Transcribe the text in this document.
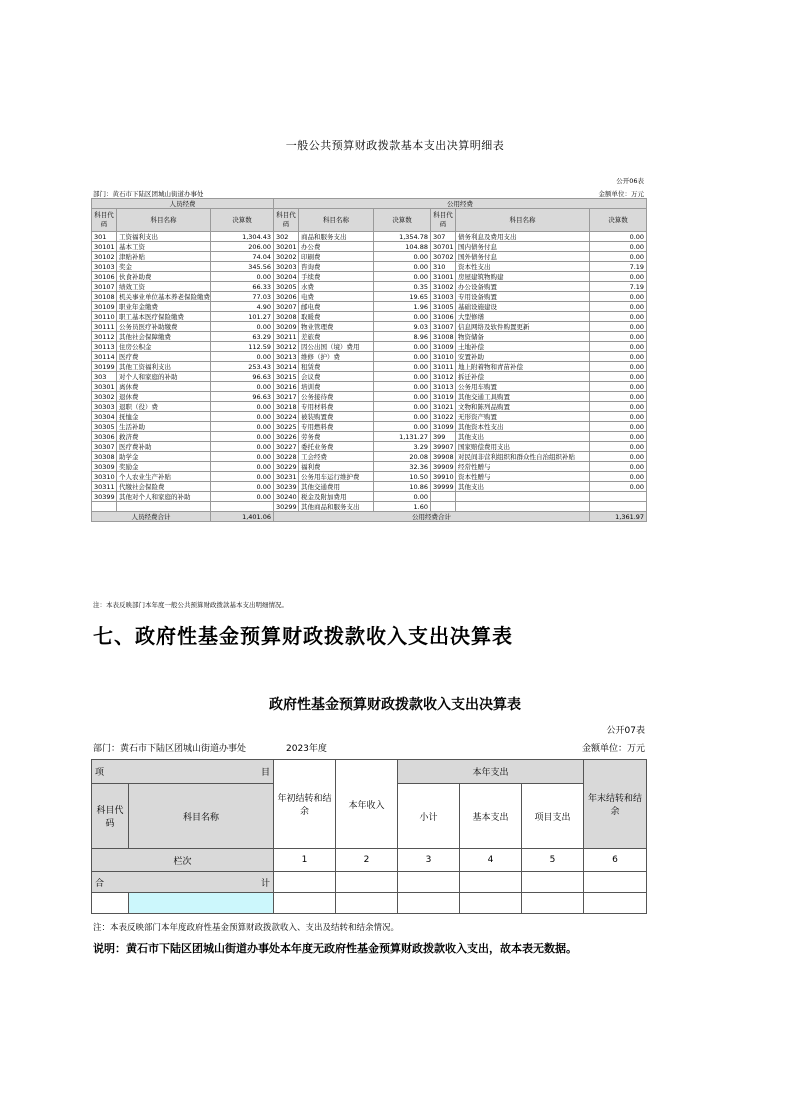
一般公共预算财政拨款基本支出决算明细表
公开06表
部门：黄石市下陆区团城山街道办事处	金额单位：万元
人员经费			公用经费					
科目代码	科目名称	决算数	科目代码	科目名称	决算数	科目代码	科目名称	决算数
301	工资福利支出	1,304.43	302	商品和服务支出	1,354.78	307	债务利息及费用支出	0.00
30101	基本工资	206.00	30201	办公费	104.88	30701	国内债务付息	0.00
30102	津贴补贴	74.04	30202	印刷费	0.00	30702	国外债务付息	0.00
30103	奖金	345.56	30203	咨询费	0.00	310	资本性支出	7.19
30106	伙食补助费	0.00	30204	手续费	0.00	31001	房屋建筑物购建	0.00
30107	绩效工资	66.33	30205	水费	0.35	31002	办公设备购置	7.19
30108	机关事业单位基本养老保险缴费	77.03	30206	电费	19.65	31003	专用设备购置	0.00
30109	职业年金缴费	4.90	30207	邮电费	1.96	31005	基础设施建设	0.00
30110	职工基本医疗保险缴费	101.27	30208	取暖费	0.00	31006	大型修缮	0.00
30111	公务员医疗补助缴费	0.00	30209	物业管理费	9.03	31007	信息网络及软件购置更新	0.00
30112	其他社会保障缴费	63.29	30211	差旅费	8.96	31008	物资储备	0.00
30113	住房公积金	112.59	30212	因公出国（境）费用	0.00	31009	土地补偿	0.00
30114	医疗费	0.00	30213	维修（护）费	0.00	31010	安置补助	0.00
30199	其他工资福利支出	253.43	30214	租赁费	0.00	31011	地上附着物和青苗补偿	0.00
303	对个人和家庭的补助	96.63	30215	会议费	0.00	31012	拆迁补偿	0.00
30301	离休费	0.00	30216	培训费	0.00	31013	公务用车购置	0.00
30302	退休费	96.63	30217	公务接待费	0.00	31019	其他交通工具购置	0.00
30303	退职（役）费	0.00	30218	专用材料费	0.00	31021	文物和陈列品购置	0.00
30304	抚恤金	0.00	30224	被装购置费	0.00	31022	无形资产购置	0.00
30305	生活补助	0.00	30225	专用燃料费	0.00	31099	其他资本性支出	0.00
30306	救济费	0.00	30226	劳务费	1,131.27	399	其他支出	0.00
30307	医疗费补助	0.00	30227	委托业务费	3.29	39907	国家赔偿费用支出	0.00
30308	助学金	0.00	30228	工会经费	20.08	39908	对民间非营利组织和群众性自治组织补贴	0.00
30309	奖励金	0.00	30229	福利费	32.36	39909	经常性赠与	0.00
30310	个人农业生产补贴	0.00	30231	公务用车运行维护费	10.50	39910	资本性赠与	0.00
30311	代缴社会保险费	0.00	30239	其他交通费用	10.86	39999	其他支出	0.00
30399	其他对个人和家庭的补助	0.00	30240	税金及附加费用	0.00			
			30299	其他商品和服务支出	1.60			
人员经费合计		1,401.06	公用经费合计					1,361.97
注：本表反映部门本年度一般公共预算财政拨款基本支出明细情况。
七、政府性基金预算财政拨款收入支出决算表
政府性基金预算财政拨款收入支出决算表
公开07表
部门：黄石市下陆区团城山街道办事处	2023年度	金额单位：万元
项 目		年初结转和结余	本年收入	本年支出			年末结转和结余
科目代码	科目名称			小计	基本支出	项目支出	
栏次		1	2	3	4	5	6

合 计							

注：本表反映部门本年度政府性基金预算财政拨款收入、支出及结转和结余情况。
说明：黄石市下陆区团城山街道办事处本年度无政府性基金预算财政拨款收入支出，故本表无数据。
